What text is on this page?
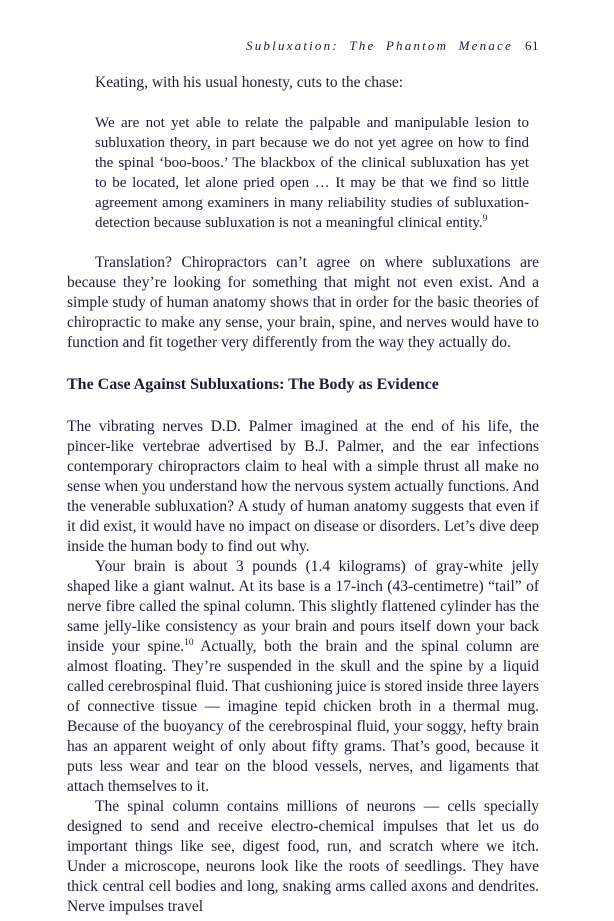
Subluxation: The Phantom Menace 61

Keating, with his usual honesty, cuts to the chase:

We are not yet able to relate the palpable and manipulable lesion to subluxation theory, in part because we do not yet agree on how to find the spinal ‘boo-boos.’ The blackbox of the clinical subluxation has yet to be located, let alone pried open … It may be that we find so little agreement among examiners in many reliability studies of subluxation-detection because subluxation is not a meaningful clinical entity.$^9$

Translation? Chiropractors can’t agree on where subluxations are because they’re looking for something that might not even exist. And a simple study of human anatomy shows that in order for the basic theories of chiropractic to make any sense, your brain, spine, and nerves would have to function and fit together very differently from the way they actually do.

The Case Against Subluxations: The Body as Evidence

The vibrating nerves D.D. Palmer imagined at the end of his life, the pincer-like vertebrae advertised by B.J. Palmer, and the ear infections contemporary chiropractors claim to heal with a simple thrust all make no sense when you understand how the nervous system actually functions. And the venerable subluxation? A study of human anatomy suggests that even if it did exist, it would have no impact on disease or disorders. Let’s dive deep inside the human body to find out why.

Your brain is about 3 pounds (1.4 kilograms) of gray-white jelly shaped like a giant walnut. At its base is a 17-inch (43-centimetre) “tail” of nerve fibre called the spinal column. This slightly flattened cylinder has the same jelly-like consistency as your brain and pours itself down your back inside your spine.$^{10}$ Actually, both the brain and the spinal column are almost floating. They’re suspended in the skull and the spine by a liquid called cerebrospinal fluid. That cushioning juice is stored inside three layers of connective tissue — imagine tepid chicken broth in a thermal mug. Because of the buoyancy of the cerebrospinal fluid, your soggy, hefty brain has an apparent weight of only about fifty grams. That’s good, because it puts less wear and tear on the blood vessels, nerves, and ligaments that attach themselves to it.

The spinal column contains millions of neurons — cells specially designed to send and receive electro-chemical impulses that let us do important things like see, digest food, run, and scratch where we itch. Under a microscope, neurons look like the roots of seedlings. They have thick central cell bodies and long, snaking arms called axons and dendrites. Nerve impulses travel
